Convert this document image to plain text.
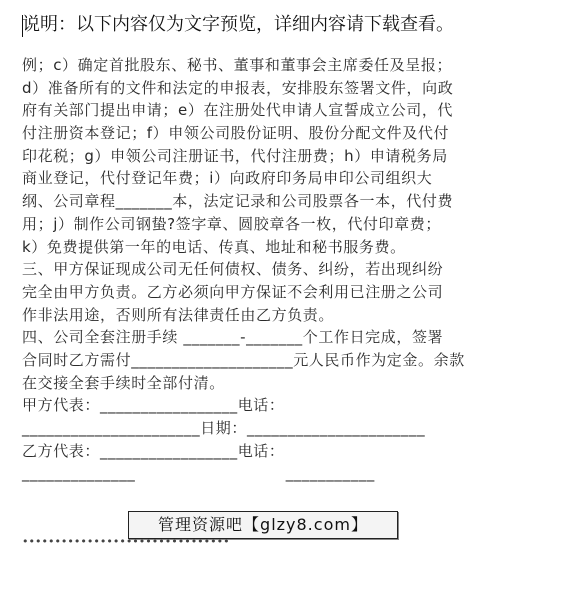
说明：以下内容仅为文字预览，详细内容请下载查看。
例；c）确定首批股东、秘书、董事和董事会主席委任及呈报；
d）准备所有的文件和法定的申报表，安排股东签署文件，向政
府有关部门提出申请；e）在注册处代申请人宣誓成立公司，代
付注册资本登记；f）申领公司股份证明、股份分配文件及代付
印花税；g）申领公司注册证书，代付注册费；h）申请税务局
商业登记，代付登记年费；i）向政府印务局申印公司组织大
纲、公司章程_______本，法定记录和公司股票各一本，代付费
用；j）制作公司钢蛰?签字章、圆胶章各一枚，代付印章费；
k）免费提供第一年的电话、传真、地址和秘书服务费。
三、甲方保证现成公司无任何债权、债务、纠纷，若出现纠纷
完全由甲方负责。乙方必须向甲方保证不会利用已注册之公司
作非法用途，否则所有法律责任由乙方负责。
四、公司全套注册手续 _______-_______个工作日完成，签署
合同时乙方需付____________________元人民币作为定金。余款
在交接全套手续时全部付清。
甲方代表：_________________电话：
______________________日期：______________________
乙方代表：_________________电话：
______________                            ___________
管理资源吧【glzy8.com】
••••••••••••••••••••••••••••••••
